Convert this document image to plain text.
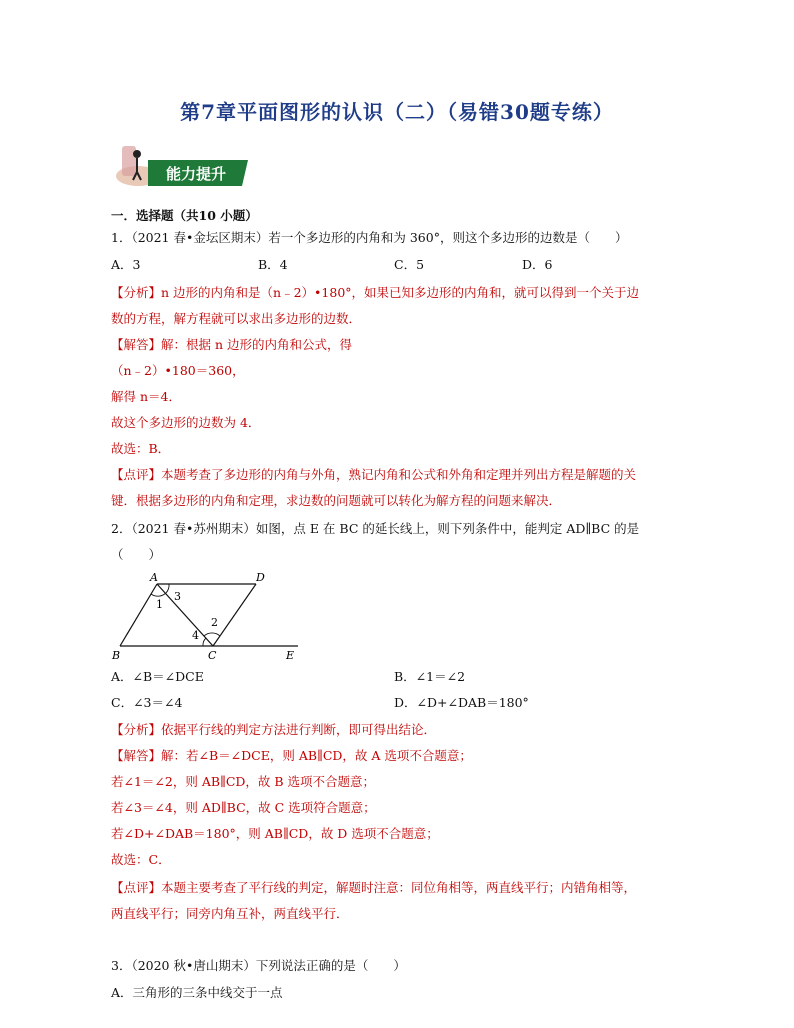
第7章平面图形的认识（二）（易错30题专练）
能力提升
一．选择题（共10 小题）
1．（2021 春•金坛区期末）若一个多边形的内角和为 360°，则这个多边形的边数是（　　）
A．3	B．4	C．5	D．6
【分析】n 边形的内角和是（n﹣2）•180°，如果已知多边形的内角和，就可以得到一个关于边
数的方程，解方程就可以求出多边形的边数．
【解答】解：根据 n 边形的内角和公式，得
（n﹣2）•180＝360，
解得 n＝4．
故这个多边形的边数为 4．
故选：B．
【点评】本题考查了多边形的内角与外角，熟记内角和公式和外角和定理并列出方程是解题的关
键．根据多边形的内角和定理，求边数的问题就可以转化为解方程的问题来解决．
2．（2021 春•苏州期末）如图，点 E 在 BC 的延长线上，则下列条件中，能判定 AD∥BC 的是
（　　）
A	D
B	C	E
1
2
3
4
A．∠B＝∠DCE	B．∠1＝∠2
C．∠3＝∠4	D．∠D+∠DAB＝180°
【分析】依据平行线的判定方法进行判断，即可得出结论．
【解答】解：若∠B＝∠DCE，则 AB∥CD，故 A 选项不合题意；
若∠1＝∠2，则 AB∥CD，故 B 选项不合题意；
若∠3＝∠4，则 AD∥BC，故 C 选项符合题意；
若∠D+∠DAB＝180°，则 AB∥CD，故 D 选项不合题意；
故选：C．
【点评】本题主要考查了平行线的判定，解题时注意：同位角相等，两直线平行；内错角相等，
两直线平行；同旁内角互补，两直线平行．
3．（2020 秋•唐山期末）下列说法正确的是（　　）
A．三角形的三条中线交于一点
